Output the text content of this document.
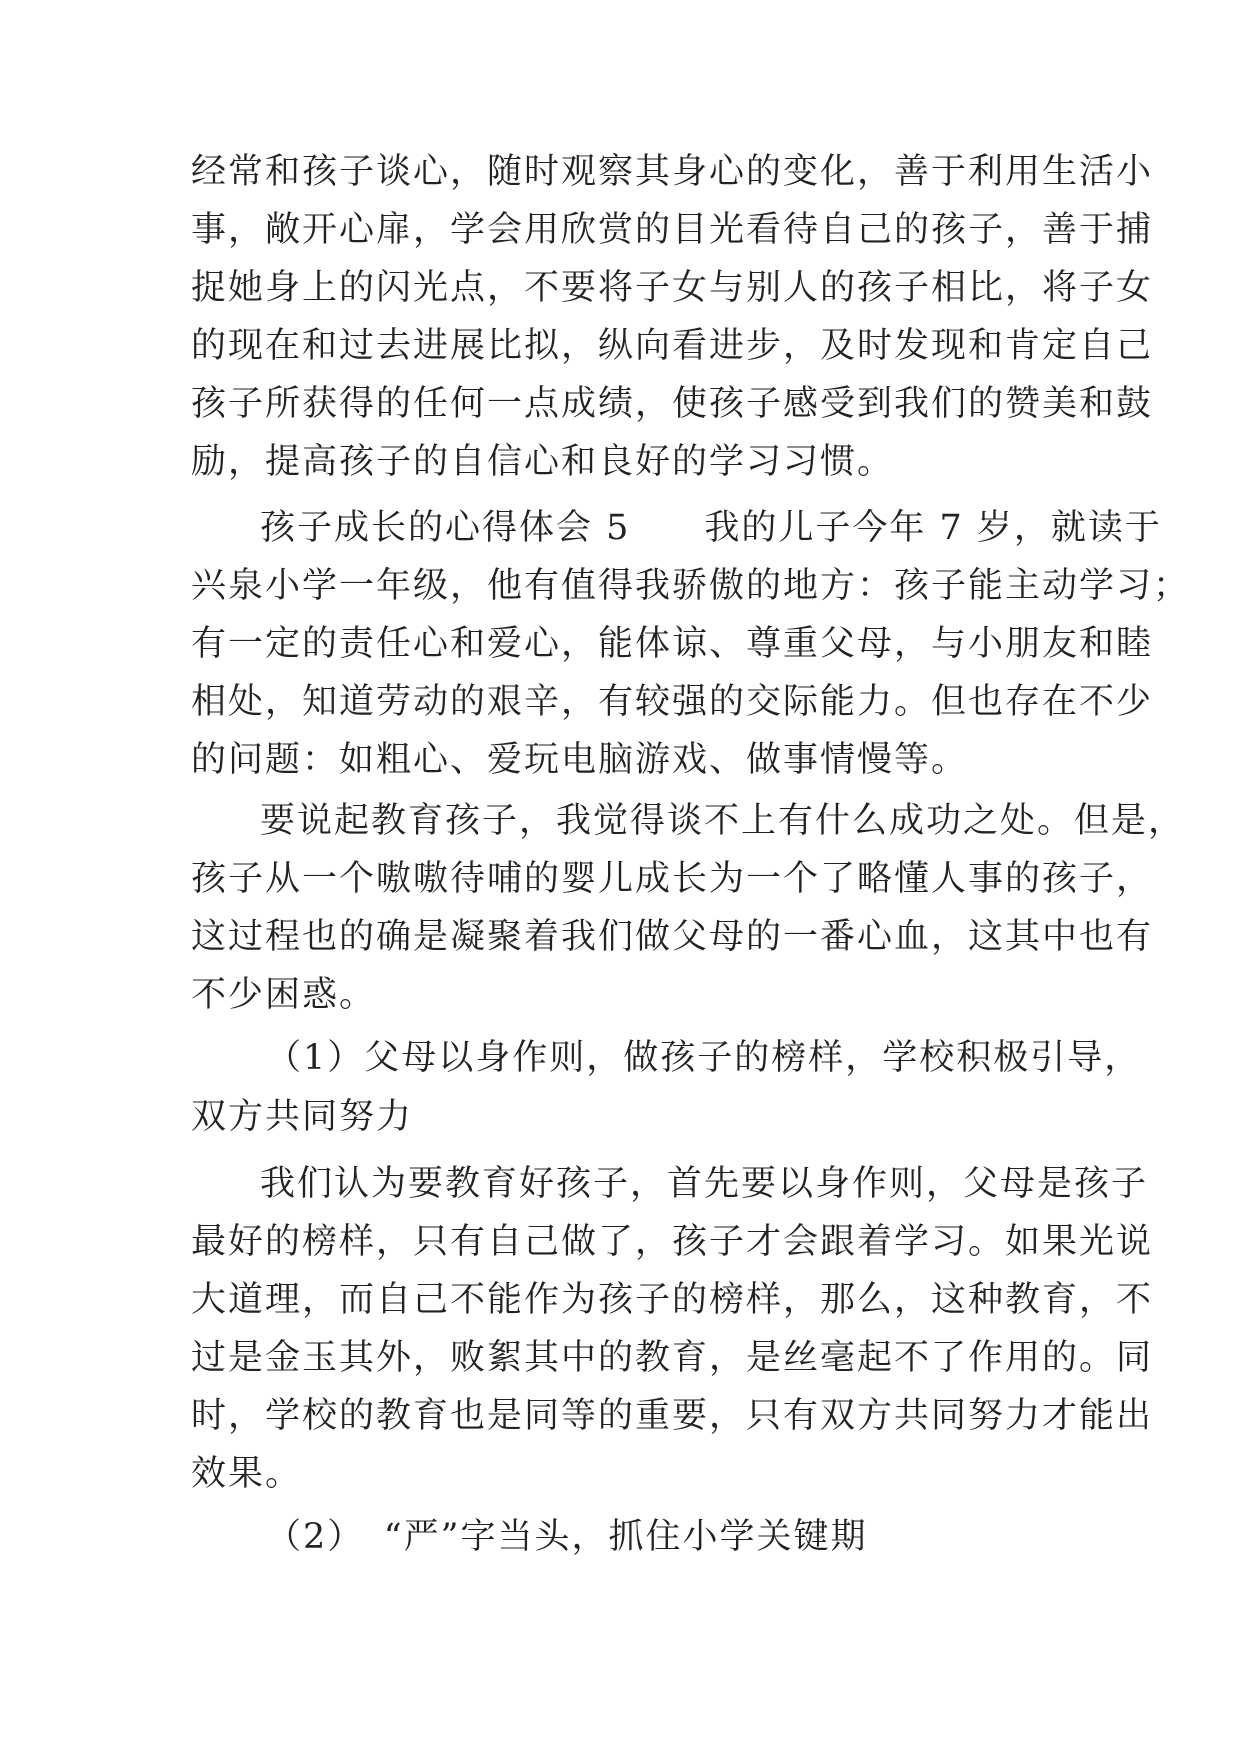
经常和孩子谈心，随时观察其身心的变化，善于利用生活小
事，敞开心扉，学会用欣赏的目光看待自己的孩子，善于捕
捉她身上的闪光点，不要将子女与别人的孩子相比，将子女
的现在和过去进展比拟，纵向看进步，及时发现和肯定自己
孩子所获得的任何一点成绩，使孩子感受到我们的赞美和鼓
励，提高孩子的自信心和良好的学习习惯。
孩子成长的心得体会 5　　我的儿子今年 7 岁，就读于
兴泉小学一年级，他有值得我骄傲的地方：孩子能主动学习；
有一定的责任心和爱心，能体谅、尊重父母，与小朋友和睦
相处，知道劳动的艰辛，有较强的交际能力。但也存在不少
的问题：如粗心、爱玩电脑游戏、做事情慢等。
要说起教育孩子，我觉得谈不上有什么成功之处。但是，
孩子从一个嗷嗷待哺的婴儿成长为一个了略懂人事的孩子，
这过程也的确是凝聚着我们做父母的一番心血，这其中也有
不少困惑。
（1）父母以身作则，做孩子的榜样，学校积极引导，
双方共同努力
我们认为要教育好孩子，首先要以身作则，父母是孩子
最好的榜样，只有自己做了，孩子才会跟着学习。如果光说
大道理，而自己不能作为孩子的榜样，那么，这种教育，不
过是金玉其外，败絮其中的教育，是丝毫起不了作用的。同
时，学校的教育也是同等的重要，只有双方共同努力才能出
效果。
（2）　“严”字当头，抓住小学关键期
